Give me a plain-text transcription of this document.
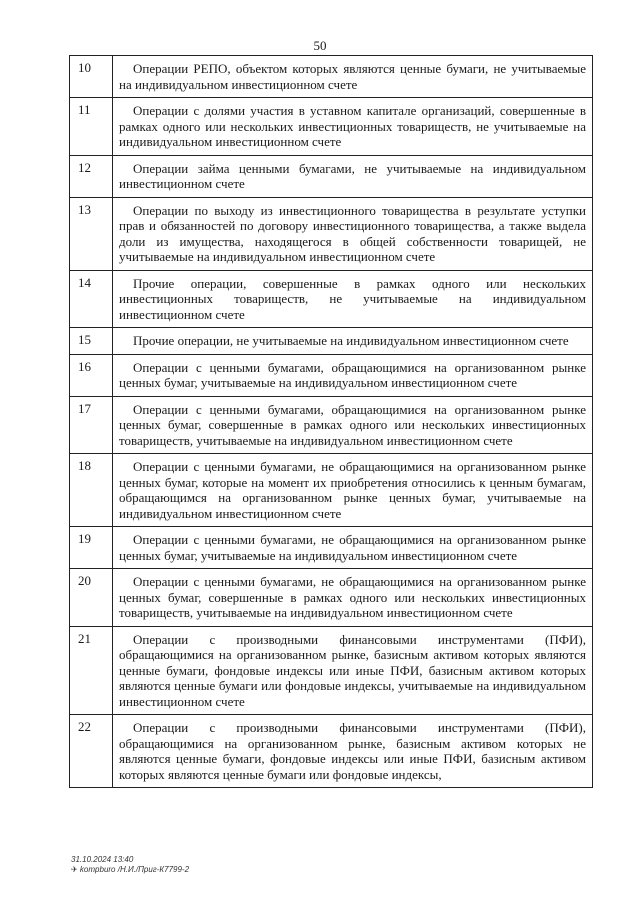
50
10	Операции РЕПО, объектом которых являются ценные бумаги, не учитываемые на индивидуальном инвестиционном счете
11	Операции с долями участия в уставном капитале организаций, совершенные в рамках одного или нескольких инвестиционных товариществ, не учитываемые на индивидуальном инвестиционном счете
12	Операции займа ценными бумагами, не учитываемые на индивидуальном инвестиционном счете
13	Операции по выходу из инвестиционного товарищества в результате уступки прав и обязанностей по договору инвестиционного товарищества, а также выдела доли из имущества, находящегося в общей собственности товарищей, не учитываемые на индивидуальном инвестиционном счете
14	Прочие операции, совершенные в рамках одного или нескольких инвестиционных товариществ, не учитываемые на индивидуальном инвестиционном счете
15	Прочие операции, не учитываемые на индивидуальном инвестиционном счете
16	Операции с ценными бумагами, обращающимися на организованном рынке ценных бумаг, учитываемые на индивидуальном инвестиционном счете
17	Операции с ценными бумагами, обращающимися на организованном рынке ценных бумаг, совершенные в рамках одного или нескольких инвестиционных товариществ, учитываемые на индивидуальном инвестиционном счете
18	Операции с ценными бумагами, не обращающимися на организованном рынке ценных бумаг, которые на момент их приобретения относились к ценным бумагам, обращающимся на организованном рынке ценных бумаг, учитываемые на индивидуальном инвестиционном счете
19	Операции с ценными бумагами, не обращающимися на организованном рынке ценных бумаг, учитываемые на индивидуальном инвестиционном счете
20	Операции с ценными бумагами, не обращающимися на организованном рынке ценных бумаг, совершенные в рамках одного или нескольких инвестиционных товариществ, учитываемые на индивидуальном инвестиционном счете
21	Операции с производными финансовыми инструментами (ПФИ), обращающимися на организованном рынке, базисным активом которых являются ценные бумаги, фондовые индексы или иные ПФИ, базисным активом которых являются ценные бумаги или фондовые индексы, учитываемые на индивидуальном инвестиционном счете
22	Операции с производными финансовыми инструментами (ПФИ), обращающимися на организованном рынке, базисным активом которых не являются ценные бумаги, фондовые индексы или иные ПФИ, базисным активом которых являются ценные бумаги или фондовые индексы,
31.10.2024 13:40
✈ kompburo /Н.И./Приг-К7799-2
